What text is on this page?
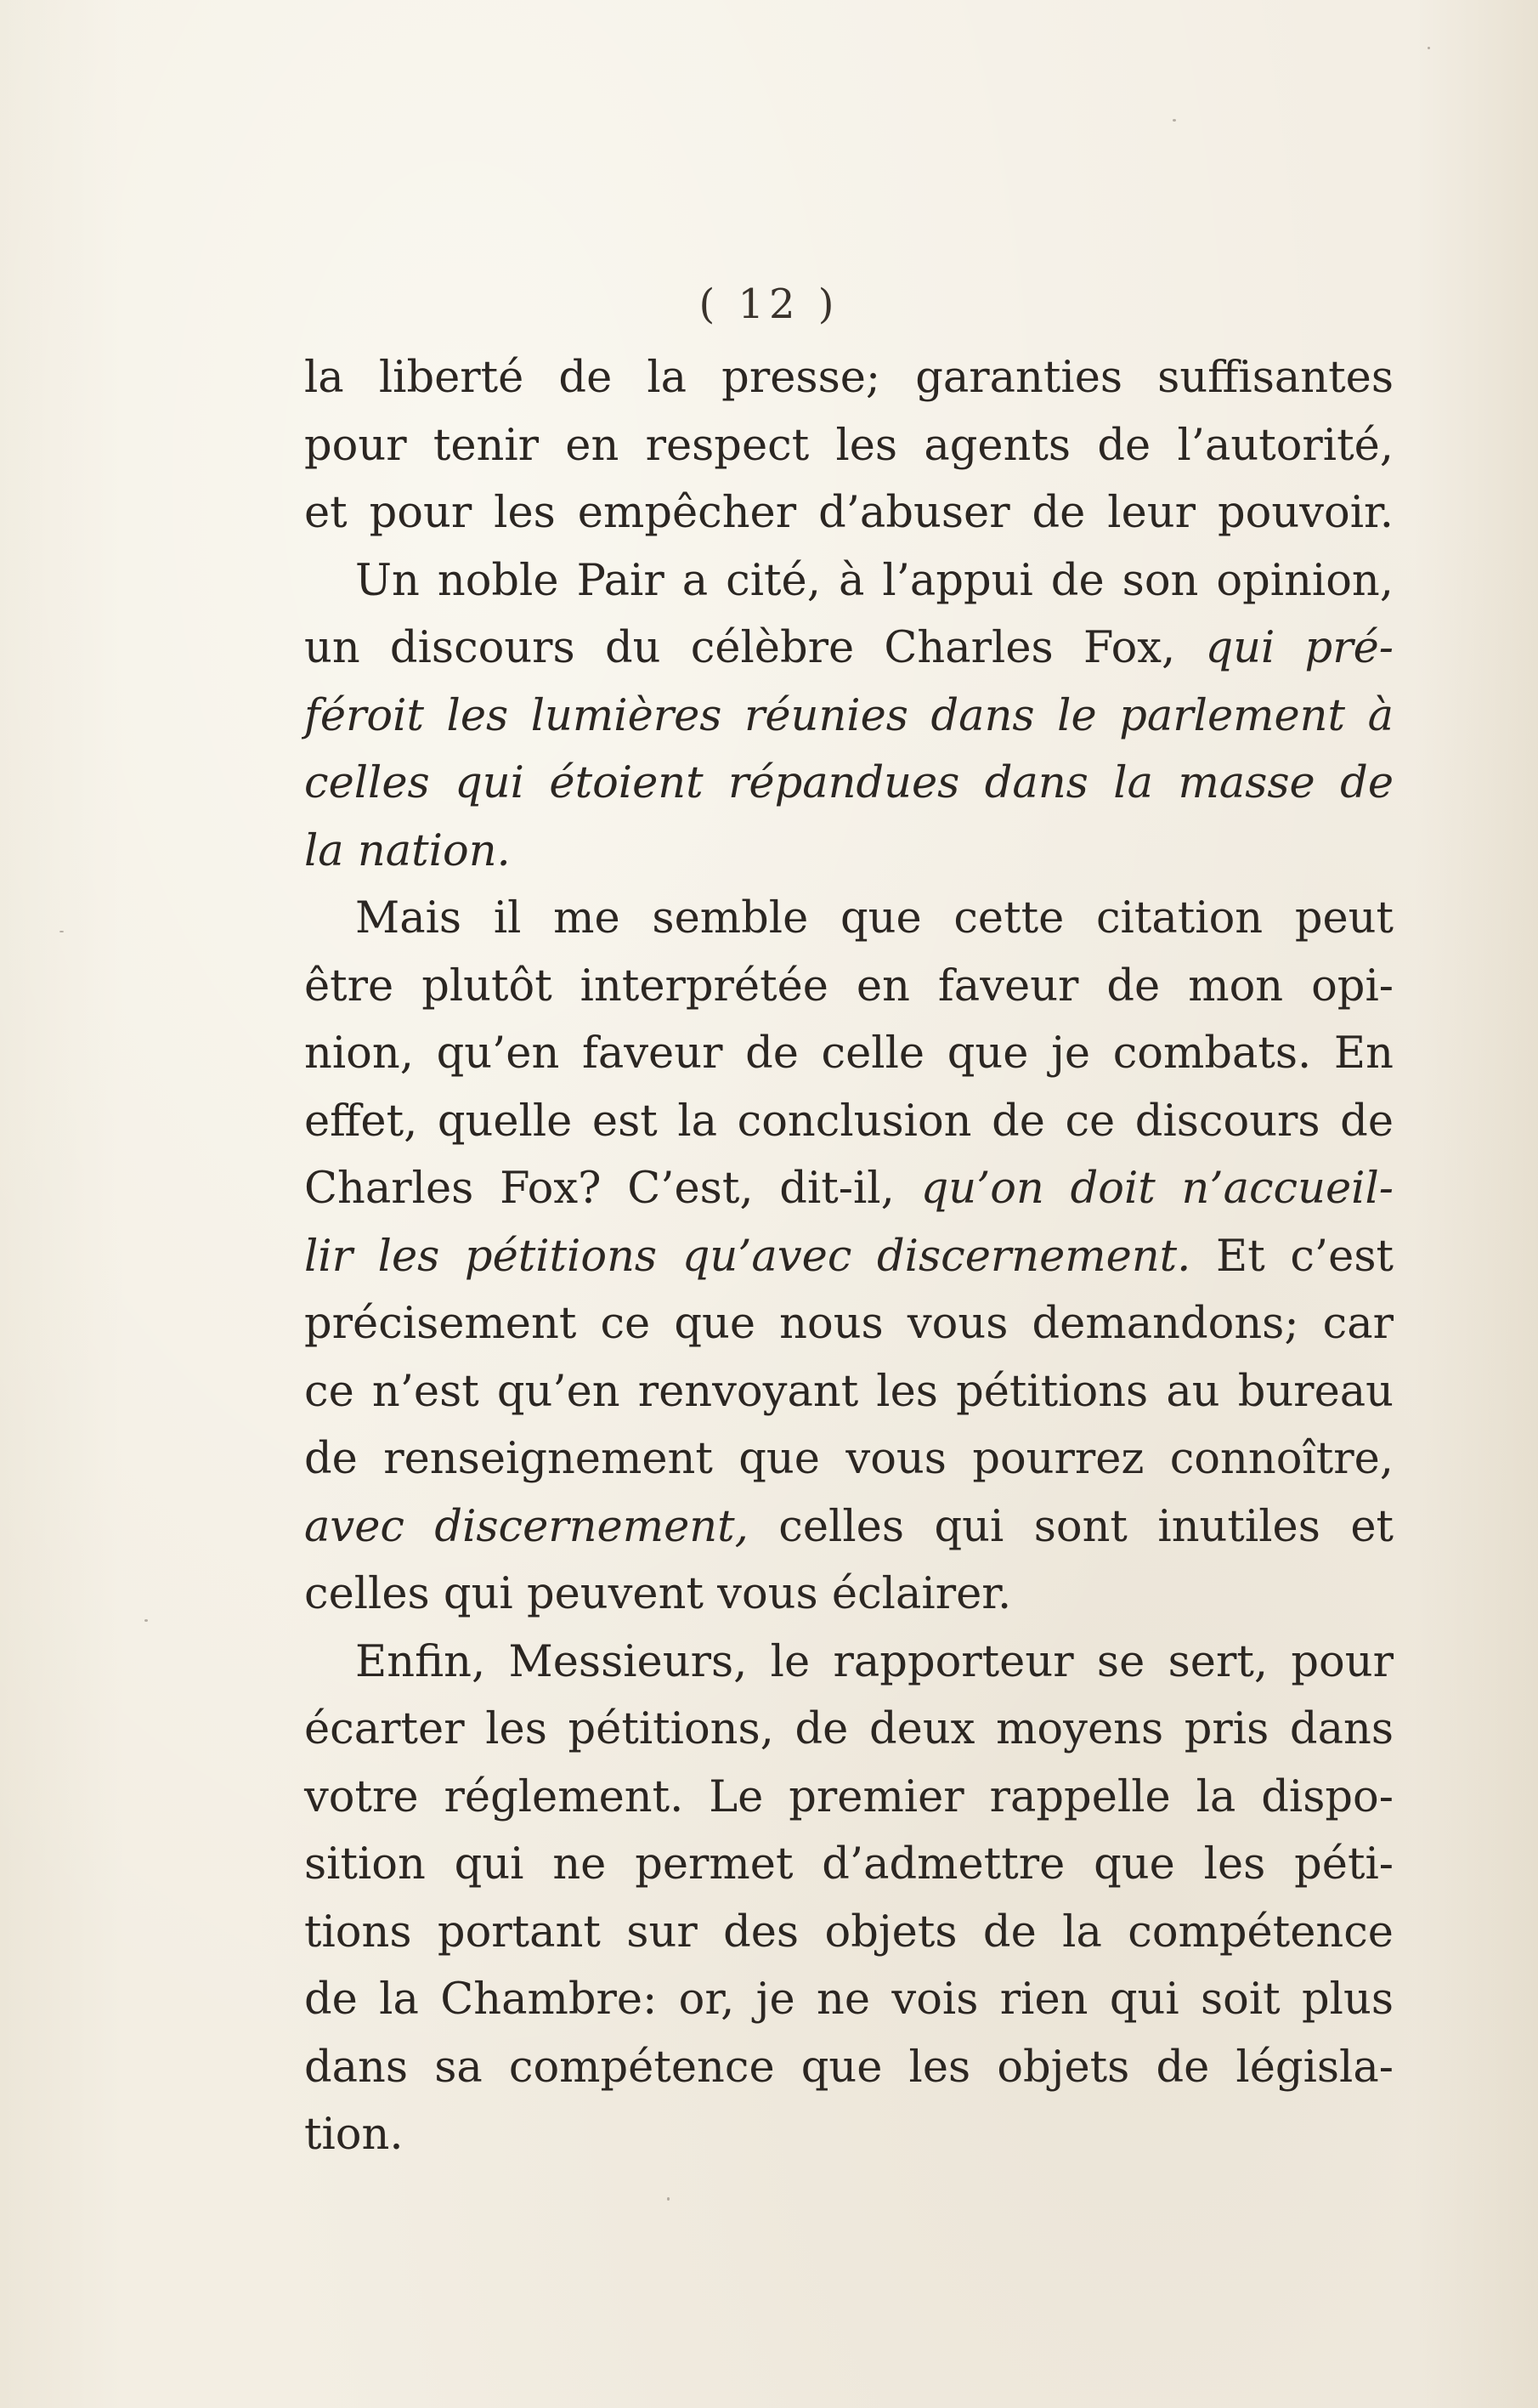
( 12 )
la liberté de la presse; garanties suffisantes
pour tenir en respect les agents de l’autorité,
et pour les empêcher d’abuser de leur pouvoir.
Un noble Pair a cité, à l’appui de son opinion,
un discours du célèbre Charles Fox, qui pré-
féroit les lumières réunies dans le parlement à
celles qui étoient répandues dans la masse de
la nation.
Mais il me semble que cette citation peut
être plutôt interprétée en faveur de mon opi-
nion, qu’en faveur de celle que je combats. En
effet, quelle est la conclusion de ce discours de
Charles Fox? C’est, dit-il, qu’on doit n’accueil-
lir les pétitions qu’avec discernement. Et c’est
précisement ce que nous vous demandons; car
ce n’est qu’en renvoyant les pétitions au bureau
de renseignement que vous pourrez connoître,
avec discernement, celles qui sont inutiles et
celles qui peuvent vous éclairer.
Enfin, Messieurs, le rapporteur se sert, pour
écarter les pétitions, de deux moyens pris dans
votre réglement. Le premier rappelle la dispo-
sition qui ne permet d’admettre que les péti-
tions portant sur des objets de la compétence
de la Chambre: or, je ne vois rien qui soit plus
dans sa compétence que les objets de législa-
tion.
